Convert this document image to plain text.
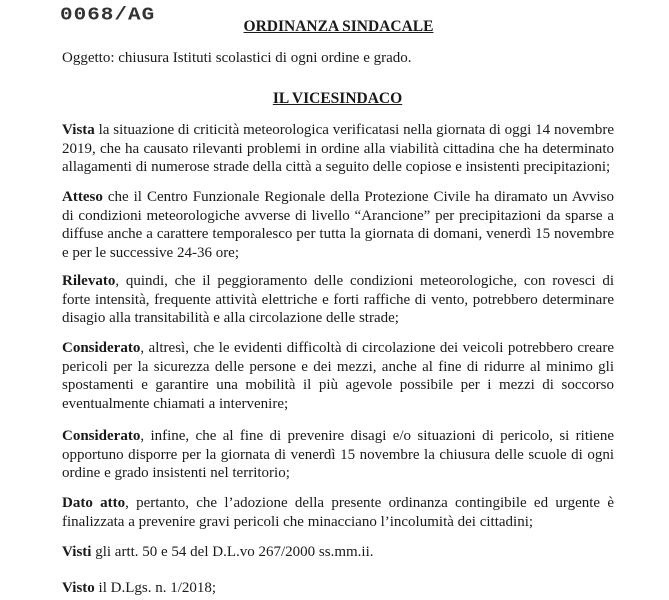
0068/AG
ORDINANZA SINDACALE
Oggetto: chiusura Istituti scolastici di ogni ordine e grado.
IL VICESINDACO

Vista la situazione di criticità meteorologica verificatasi nella giornata di oggi 14 novembre 2019, che ha causato rilevanti problemi in ordine alla viabilità cittadina che ha determinato allagamenti di numerose strade della città a seguito delle copiose e insistenti precipitazioni;

Atteso che il Centro Funzionale Regionale della Protezione Civile ha diramato un Avviso di condizioni meteorologiche avverse di livello “Arancione” per precipitazioni da sparse a diffuse anche a carattere temporalesco per tutta la giornata di domani, venerdì 15 novembre e per le successive 24-36 ore;

Rilevato, quindi, che il peggioramento delle condizioni meteorologiche, con rovesci di forte intensità, frequente attività elettriche e forti raffiche di vento, potrebbero determinare disagio alla transitabilità e alla circolazione delle strade;

Considerato, altresì, che le evidenti difficoltà di circolazione dei veicoli potrebbero creare pericoli per la sicurezza delle persone e dei mezzi, anche al fine di ridurre al minimo gli spostamenti e garantire una mobilità il più agevole possibile per i mezzi di soccorso eventualmente chiamati a intervenire;

Considerato, infine, che al fine di prevenire disagi e/o situazioni di pericolo, si ritiene opportuno disporre per la giornata di venerdì 15 novembre la chiusura delle scuole di ogni ordine e grado insistenti nel territorio;

Dato atto, pertanto, che l’adozione della presente ordinanza contingibile ed urgente è finalizzata a prevenire gravi pericoli che minacciano l’incolumità dei cittadini;

Visti gli artt. 50 e 54 del D.L.vo 267/2000 ss.mm.ii.

Visto il D.Lgs. n. 1/2018;
